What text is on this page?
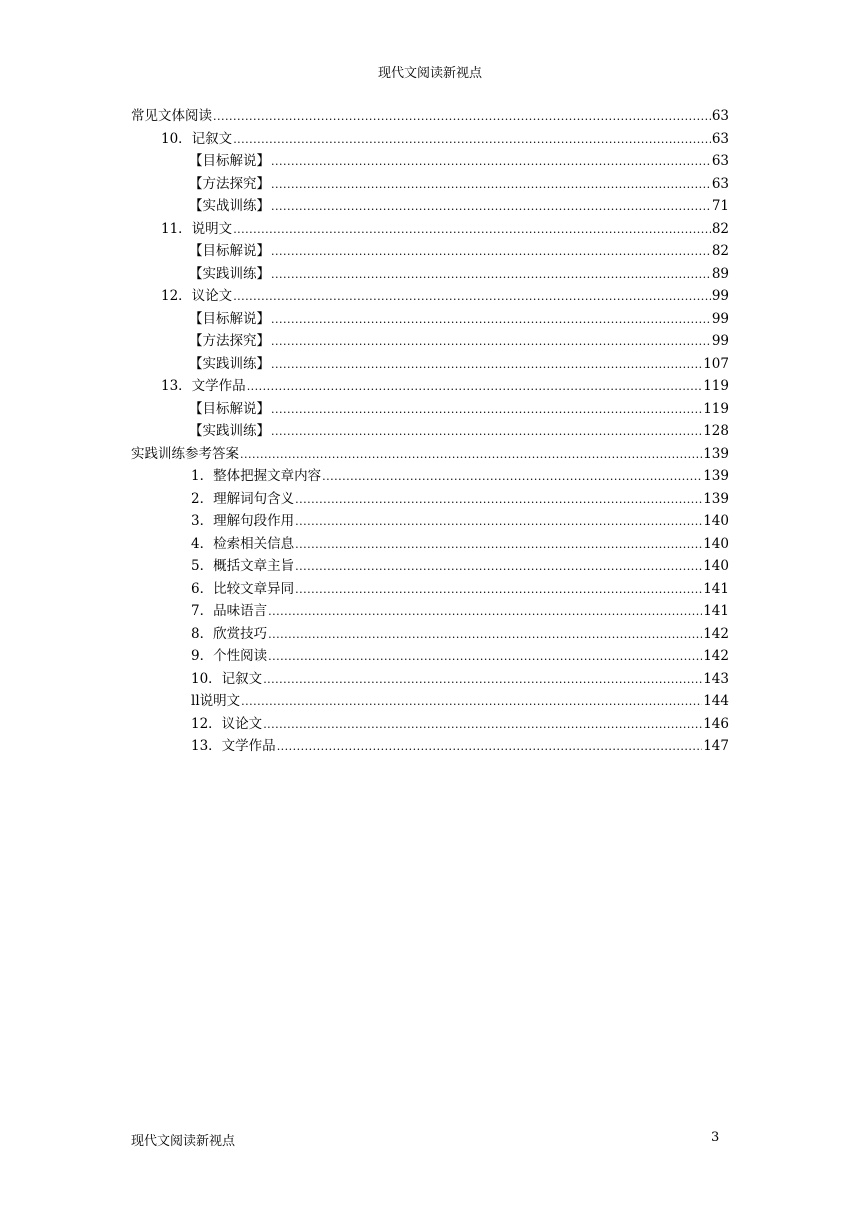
现代文阅读新视点
常见文体阅读 .....	63
10．记叙文 .....	63
【目标解说】 .....	63
【方法探究】 .....	63
【实战训练】 .....	71
11．说明文 .....	82
【目标解说】 .....	82
【实践训练】 .....	89
12．议论文 .....	99
【目标解说】 .....	99
【方法探究】 .....	99
【实践训练】 .....	107
13．文学作品 .....	119
【目标解说】 .....	119
【实践训练】 .....	128
实践训练参考答案 .....	139
1．整体把握文章内容 .....	139
2．理解词句含义 .....	139
3．理解句段作用 .....	140
4．检索相关信息 .....	140
5．概括文章主旨 .....	140
6．比较文章异同 .....	141
7．品味语言 .....	141
8．欣赏技巧 .....	142
9．个性阅读 .....	142
10．记叙文 .....	143
ll说明文 .....	144
12．议论文 .....	146
13．文学作品 .....	147
现代文阅读新视点	3
